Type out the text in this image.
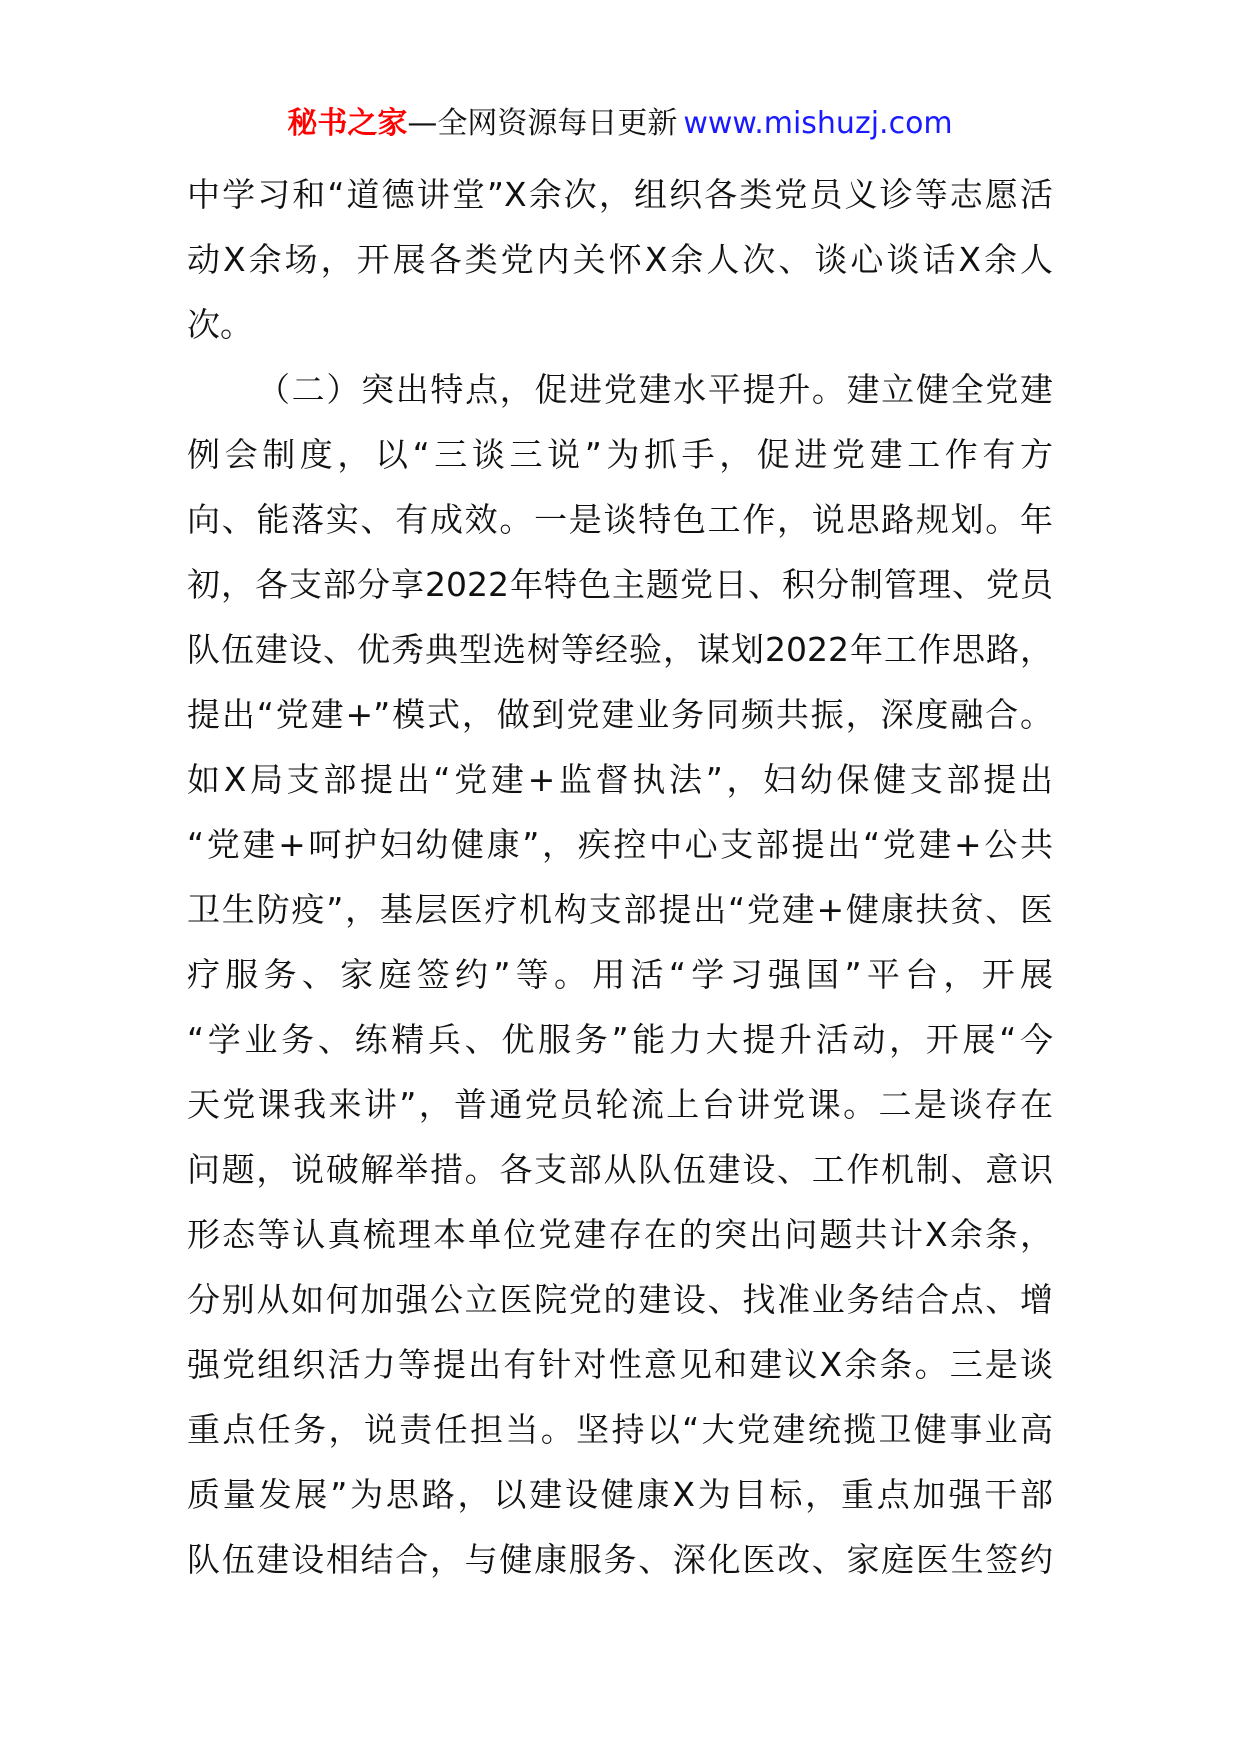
秘书之家—全网资源每日更新 www.mishuzj.com
中学习和“道德讲堂”X余次，组织各类党员义诊等志愿活
动X余场，开展各类党内关怀X余人次、谈心谈话X余人
次。
（二）突出特点，促进党建水平提升。建立健全党建
例会制度，以“三谈三说”为抓手，促进党建工作有方
向、能落实、有成效。一是谈特色工作，说思路规划。年
初，各支部分享2022年特色主题党日、积分制管理、党员
队伍建设、优秀典型选树等经验，谋划2022年工作思路，
提出“党建+”模式，做到党建业务同频共振，深度融合。
如X局支部提出“党建+监督执法”，妇幼保健支部提出
“党建+呵护妇幼健康”，疾控中心支部提出“党建+公共
卫生防疫”，基层医疗机构支部提出“党建+健康扶贫、医
疗服务、家庭签约”等。用活“学习强国”平台，开展
“学业务、练精兵、优服务”能力大提升活动，开展“今
天党课我来讲”，普通党员轮流上台讲党课。二是谈存在
问题，说破解举措。各支部从队伍建设、工作机制、意识
形态等认真梳理本单位党建存在的突出问题共计X余条，
分别从如何加强公立医院党的建设、找准业务结合点、增
强党组织活力等提出有针对性意见和建议X余条。三是谈
重点任务，说责任担当。坚持以“大党建统揽卫健事业高
质量发展”为思路，以建设健康X为目标，重点加强干部
队伍建设相结合，与健康服务、深化医改、家庭医生签约
